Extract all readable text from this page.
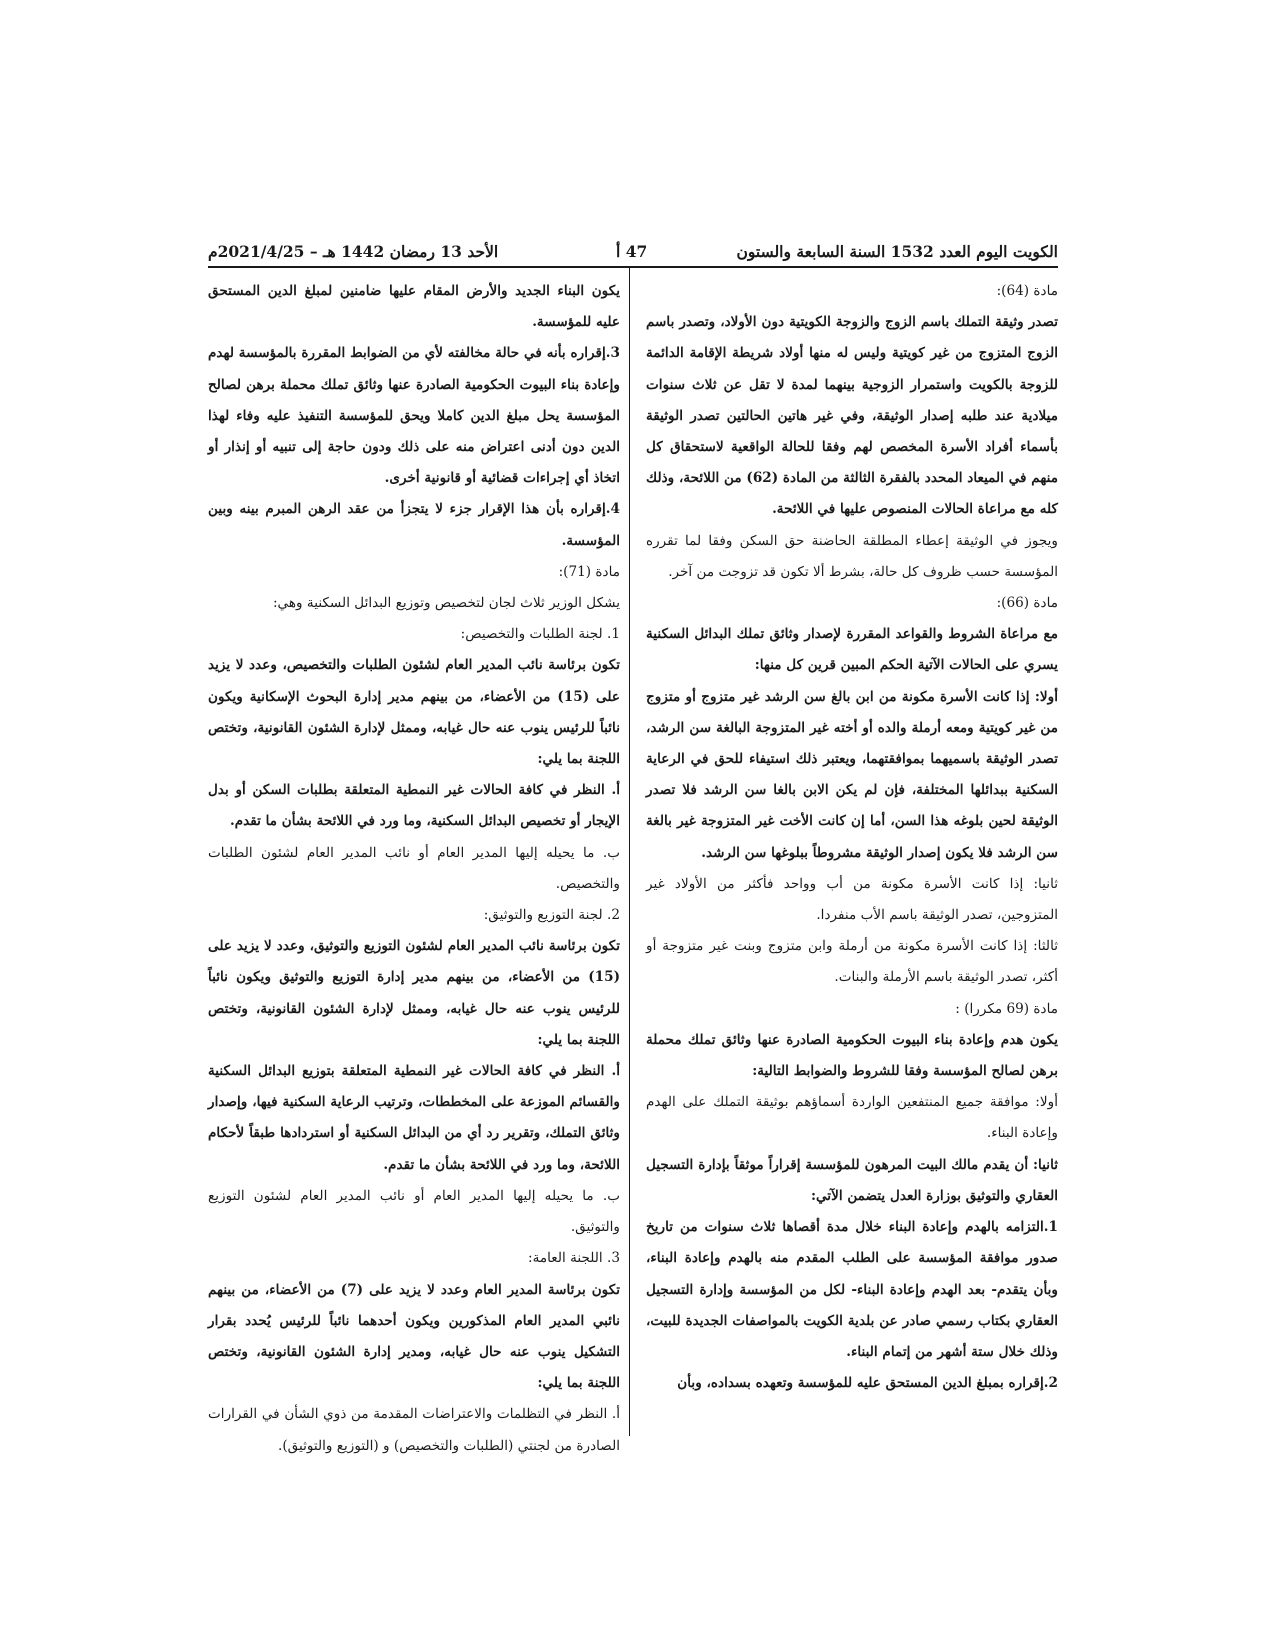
الكويت اليوم العدد 1532 السنة السابعة والستون
47 أ
الأحد 13 رمضان 1442 هـ – 2021/4/25م

مادة (64):

تصدر وثيقة التملك باسم الزوج والزوجة الكويتية دون الأولاد، وتصدر باسم الزوج المتزوج من غير كويتية وليس له منها أولاد شريطة الإقامة الدائمة للزوجة بالكويت واستمرار الزوجية بينهما لمدة لا تقل عن ثلاث سنوات ميلادية عند طلبه إصدار الوثيقة، وفي غير هاتين الحالتين تصدر الوثيقة بأسماء أفراد الأسرة المخصص لهم وفقا للحالة الواقعية لاستحقاق كل منهم في الميعاد المحدد بالفقرة الثالثة من المادة (62) من اللائحة، وذلك كله مع مراعاة الحالات المنصوص عليها في اللائحة.

ويجوز في الوثيقة إعطاء المطلقة الحاضنة حق السكن وفقا لما تقرره المؤسسة حسب ظروف كل حالة، بشرط ألا تكون قد تزوجت من آخر.

مادة (66):

مع مراعاة الشروط والقواعد المقررة لإصدار وثائق تملك البدائل السكنية يسري على الحالات الآتية الحكم المبين قرين كل منها:

أولا: إذا كانت الأسرة مكونة من ابن بالغ سن الرشد غير متزوج أو متزوج من غير كويتية ومعه أرملة والده أو أخته غير المتزوجة البالغة سن الرشد، تصدر الوثيقة باسميهما بموافقتهما، ويعتبر ذلك استيفاء للحق في الرعاية السكنية ببدائلها المختلفة، فإن لم يكن الابن بالغا سن الرشد فلا تصدر الوثيقة لحين بلوغه هذا السن، أما إن كانت الأخت غير المتزوجة غير بالغة سن الرشد فلا يكون إصدار الوثيقة مشروطاً ببلوغها سن الرشد.

ثانيا: إذا كانت الأسرة مكونة من أب وواحد فأكثر من الأولاد غير المتزوجين، تصدر الوثيقة باسم الأب منفردا.

ثالثا: إذا كانت الأسرة مكونة من أرملة وابن متزوج وبنت غير متزوجة أو أكثر، تصدر الوثيقة باسم الأرملة والبنات.

مادة (69 مكررا) :

يكون هدم وإعادة بناء البيوت الحكومية الصادرة عنها وثائق تملك محملة برهن لصالح المؤسسة وفقا للشروط والضوابط التالية:

أولا: موافقة جميع المنتفعين الواردة أسماؤهم بوثيقة التملك على الهدم وإعادة البناء.

ثانيا: أن يقدم مالك البيت المرهون للمؤسسة إقراراً موثقاً بإدارة التسجيل العقاري والتوثيق بوزارة العدل يتضمن الآتي:

1.التزامه بالهدم وإعادة البناء خلال مدة أقصاها ثلاث سنوات من تاريخ صدور موافقة المؤسسة على الطلب المقدم منه بالهدم وإعادة البناء، وبأن يتقدم- بعد الهدم وإعادة البناء- لكل من المؤسسة وإدارة التسجيل العقاري بكتاب رسمي صادر عن بلدية الكويت بالمواصفات الجديدة للبيت، وذلك خلال ستة أشهر من إتمام البناء.

2.إقراره بمبلغ الدين المستحق عليه للمؤسسة وتعهده بسداده، وبأن

يكون البناء الجديد والأرض المقام عليها ضامنين لمبلغ الدين المستحق عليه للمؤسسة.

3.إقراره بأنه في حالة مخالفته لأي من الضوابط المقررة بالمؤسسة لهدم وإعادة بناء البيوت الحكومية الصادرة عنها وثائق تملك محملة برهن لصالح المؤسسة يحل مبلغ الدين كاملا ويحق للمؤسسة التنفيذ عليه وفاء لهذا الدين دون أدنى اعتراض منه على ذلك ودون حاجة إلى تنبيه أو إنذار أو اتخاذ أي إجراءات قضائية أو قانونية أخرى.

4.إقراره بأن هذا الإقرار جزء لا يتجزأ من عقد الرهن المبرم بينه وبين المؤسسة.

مادة (71):

يشكل الوزير ثلاث لجان لتخصيص وتوزيع البدائل السكنية وهي:

1. لجنة الطلبات والتخصيص:

تكون برئاسة نائب المدير العام لشئون الطلبات والتخصيص، وعدد لا يزيد على (15) من الأعضاء، من بينهم مدير إدارة البحوث الإسكانية ويكون نائباً للرئيس ينوب عنه حال غيابه، وممثل لإدارة الشئون القانونية، وتختص اللجنة بما يلي:

أ. النظر في كافة الحالات غير النمطية المتعلقة بطلبات السكن أو بدل الإيجار أو تخصيص البدائل السكنية، وما ورد في اللائحة بشأن ما تقدم.

ب. ما يحيله إليها المدير العام أو نائب المدير العام لشئون الطلبات والتخصيص.

2. لجنة التوزيع والتوثيق:

تكون برئاسة نائب المدير العام لشئون التوزيع والتوثيق، وعدد لا يزيد على (15) من الأعضاء، من بينهم مدير إدارة التوزيع والتوثيق ويكون نائباً للرئيس ينوب عنه حال غيابه، وممثل لإدارة الشئون القانونية، وتختص اللجنة بما يلي:

أ. النظر في كافة الحالات غير النمطية المتعلقة بتوزيع البدائل السكنية والقسائم الموزعة على المخططات، وترتيب الرعاية السكنية فيها، وإصدار وثائق التملك، وتقرير رد أي من البدائل السكنية أو استردادها طبقاً لأحكام اللائحة، وما ورد في اللائحة بشأن ما تقدم.

ب. ما يحيله إليها المدير العام أو نائب المدير العام لشئون التوزيع والتوثيق.

3. اللجنة العامة:

تكون برئاسة المدير العام وعدد لا يزيد على (7) من الأعضاء، من بينهم نائبي المدير العام المذكورين ويكون أحدهما نائباً للرئيس يُحدد بقرار التشكيل ينوب عنه حال غيابه، ومدير إدارة الشئون القانونية، وتختص اللجنة بما يلي:

أ. النظر في التظلمات والاعتراضات المقدمة من ذوي الشأن في القرارات الصادرة من لجنتي (الطلبات والتخصيص) و (التوزيع والتوثيق).
